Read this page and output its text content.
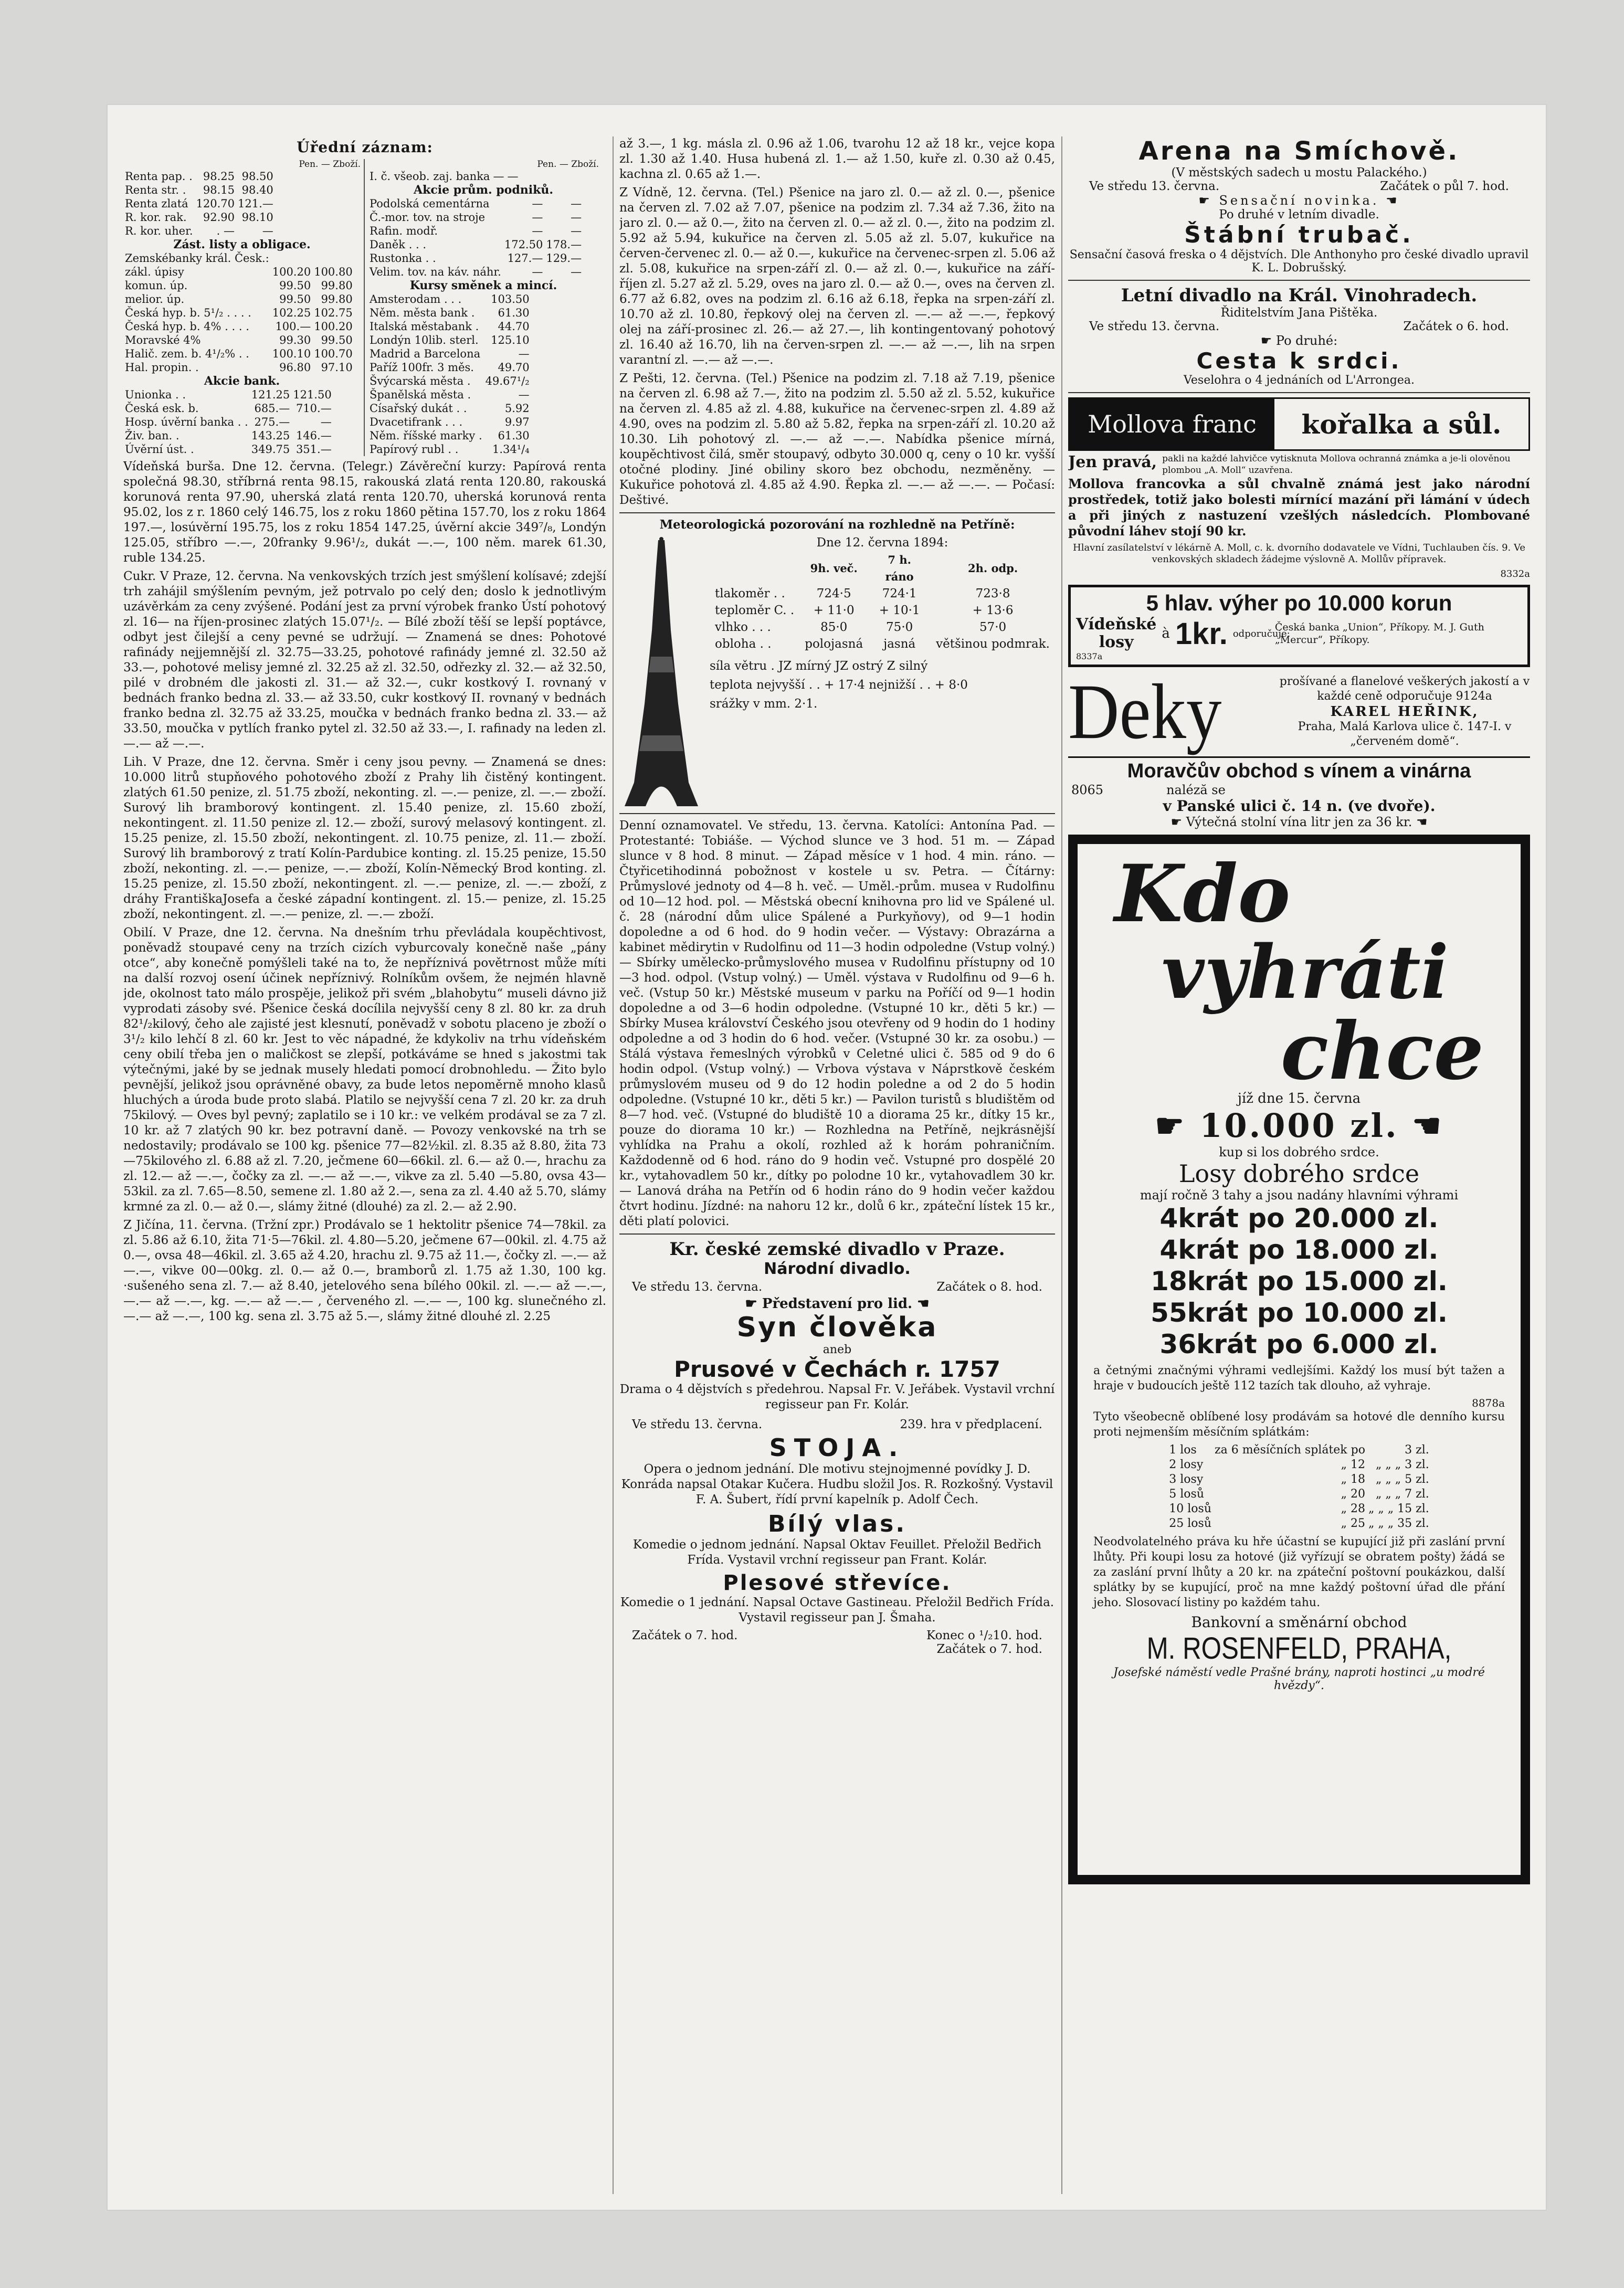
Úřední záznam:
Pen. — Zboží.
Renta pap. .	98.25	98.50
Renta str. .	98.15	98.40
Renta zlatá	120.70	121.—
R. kor. rak.	92.90	98.10
R. kor. uher.	. —	—
Zást. listy a obligace.
Zemskébanky král. Česk.:		
zákl. úpisy	100.20	100.80
komun. úp.	99.50	99.80
melior. úp.	99.50	99.80
Česká hyp. b. 5¹/₂ . . . .	102.25	102.75
Česká hyp. b. 4% . . . .	100.—	100.20
Moravské 4%	99.30	99.50
Halič. zem. b. 4¹/₂% . .	100.10	100.70
Hal. propin. .	96.80	97.10
Akcie bank.
Unionka . .	121.25	121.50
Česká esk. b.	685.—	710.—
Hosp. úvěrní banka . .	275.—	—
Živ. ban. .	143.25	146.—
Úvěrní úst. .	349.75	351.—
Pen. — Zboží.
I. č. všeob. zaj. banka	—	—
Akcie prům. podniků.
Podolská cementárna	—	—
Č.-mor. tov. na stroje	—	—
Rafin. modř.	—	—
Daněk . . .	172.50	178.—
Rustonka . .	127.—	129.—
Velim. tov. na káv. náhr.	—	—
Kursy směnek a mincí.
Amsterodam . . .	103.50
Něm. města bank .	61.30
Italská městabank .	44.70
Londýn 10lib. sterl.	125.10
Madrid a Barcelona	—
Paříž 100fr. 3 měs.	49.70
Švýcarská města .	49.67¹/₂
Španělská města .	—
Císařský dukát . .	5.92
Dvacetifrank . . .	9.97
Něm. říšské marky .	61.30
Papírový rubl . .	1.34¹/₄

Vídeňská burša. Dne 12. června. (Telegr.) Závěreční kurzy: Papírová renta společná 98.30, stříbrná renta 98.15, rakouská zlatá renta 120.80, rakouská korunová renta 97.90, uherská zlatá renta 120.70, uherská korunová renta 95.02, los z r. 1860 celý 146.75, los z roku 1860 pětina 157.70, los z roku 1864 197.—, losúvěrní 195.75, los z roku 1854 147.25, úvěrní akcie 349⁷/₈, Londýn 125.05, stříbro —.—, 20franky 9.96¹/₂, dukát —.—, 100 něm. marek 61.30, ruble 134.25.

Cukr. V Praze, 12. června. Na venkovských trzích jest smýšlení kolísavé; zdejší trh zahájil smýšlením pevným, jež potrvalo po celý den; doslo k jednotlivým uzávěrkám za ceny zvýšené. Podání jest za první výrobek franko Ústí pohotový zl. 16— na říjen-prosinec zlatých 15.07¹/₂. — Bílé zboží těší se lepší poptávce, odbyt jest čilejší a ceny pevné se udržují. — Znamená se dnes: Pohotové rafinády nejjemnější zl. 32.75—33.25, pohotové rafinády jemné zl. 32.50 až 33.—, pohotové melisy jemné zl. 32.25 až zl. 32.50, odřezky zl. 32.— až 32.50, pilé v drobném dle jakosti zl. 31.— až 32.—, cukr kostkový I. rovnaný v bednách franko bedna zl. 33.— až 33.50, cukr kostkový II. rovnaný v bednách franko bedna zl. 32.75 až 33.25, moučka v bednách franko bedna zl. 33.— až 33.50, moučka v pytlích franko pytel zl. 32.50 až 33.—, I. rafinady na leden zl. —.— až —.—.

Lih. V Praze, dne 12. června. Směr i ceny jsou pevny. — Znamená se dnes: 10.000 litrů stupňového pohotového zboží z Prahy lih čistěný kontingent. zlatých 61.50 penize, zl. 51.75 zboží, nekonting. zl. —.— penize, zl. —.— zboží. Surový lih bramborový kontingent. zl. 15.40 penize, zl. 15.60 zboží, nekontingent. zl. 11.50 penize zl. 12.— zboží, surový melasový kontingent. zl. 15.25 penize, zl. 15.50 zboží, nekontingent. zl. 10.75 penize, zl. 11.— zboží. Surový lih bramborový z tratí Kolín-Pardubice konting. zl. 15.25 penize, 15.50 zboží, nekonting. zl. —.— penize, —.— zboží, Kolín-Německý Brod konting. zl. 15.25 penize, zl. 15.50 zboží, nekontingent. zl. —.— penize, zl. —.— zboží, z dráhy FrantiškaJosefa a české západní kontingent. zl. 15.— penize, zl. 15.25 zboží, nekontingent. zl. —.— penize, zl. —.— zboží.

Obilí. V Praze, dne 12. června. Na dnešním trhu převládala koupěchtivost, poněvadž stoupavé ceny na trzích cizích vyburcovaly konečně naše „pány otce“, aby konečně pomýšleli také na to, že nepříznivá povětrnost může míti na další rozvoj osení účinek nepříznivý. Rolníkům ovšem, že nejmén hlavně jde, okolnost tato málo prospěje, jelikož při svém „blahobytu“ museli dávno již vyprodati zásoby své. Pšenice česká docílila nejvyšší ceny 8 zl. 80 kr. za druh 82¹/₂kilový, čeho ale zajisté jest klesnutí, poněvadž v sobotu placeno je zboží o 3¹/₂ kilo lehčí 8 zl. 60 kr. Jest to věc nápadné, že kdykoliv na trhu vídeňském ceny obilí třeba jen o maličkost se zlepší, potkáváme se hned s jakostmi tak výtečnými, jaké by se jednak musely hledati pomocí drobnohledu. — Žito bylo pevnější, jelikož jsou oprávněné obavy, za bude letos nepoměrně mnoho klasů hluchých a úroda bude proto slabá. Platilo se nejvyšší cena 7 zl. 20 kr. za druh 75kilový. — Oves byl pevný; zaplatilo se i 10 kr.: ve velkém prodával se za 7 zl. 10 kr. až 7 zlatých 90 kr. bez potravní daně. — Povozy venkovské na trh se nedostavily; prodávalo se 100 kg. pšenice 77—82½kil. zl. 8.35 až 8.80, žita 73—75kilového zl. 6.88 až zl. 7.20, ječmene 60—66kil. zl. 6.— až 0.—, hrachu za zl. 12.— až —.—, čočky za zl. —.— až —.—, vikve za zl. 5.40 —5.80, ovsa 43—53kil. za zl. 7.65—8.50, semene zl. 1.80 až 2.—, sena za zl. 4.40 až 5.70, slámy krmné za zl. 0.— až 0.—, slámy žitné (dlouhé) za zl. 2.— až 2.90.

Z Jičína, 11. června. (Tržní zpr.) Prodávalo se 1 hektolitr pšenice 74—78kil. za zl. 5.86 až 6.10, žita 71·5—76kil. zl. 4.80—5.20, ječmene 67—00kil. zl. 4.75 až 0.—, ovsa 48—46kil. zl. 3.65 až 4.20, hrachu zl. 9.75 až 11.—, čočky zl. —.— až —.—, vikve 00—00kg. zl. 0.— až 0.—, bramborů zl. 1.75 až 1.30, 100 kg. ·sušeného sena zl. 7.— až 8.40, jetelového sena bílého 00kil. zl. —.— až —.—, —.— až —.—, kg. —.— až —.— , červeného zl. —.— —, 100 kg. slunečného zl. —.— až —.—, 100 kg. sena zl. 3.75 až 5.—, slámy žitné dlouhé zl. 2.25

až 3.—, 1 kg. másla zl. 0.96 až 1.06, tvarohu 12 až 18 kr., vejce kopa zl. 1.30 až 1.40. Husa hubená zl. 1.— až 1.50, kuře zl. 0.30 až 0.45, kachna zl. 0.65 až 1.—.

Z Vídně, 12. června. (Tel.) Pšenice na jaro zl. 0.— až zl. 0.—, pšenice na červen zl. 7.02 až 7.07, pšenice na podzim zl. 7.34 až 7.36, žito na jaro zl. 0.— až 0.—, žito na červen zl. 0.— až zl. 0.—, žito na podzim zl. 5.92 až 5.94, kukuřice na červen zl. 5.05 až zl. 5.07, kukuřice na červen-červenec zl. 0.— až 0.—, kukuřice na červenec-srpen zl. 5.06 až zl. 5.08, kukuřice na srpen-září zl. 0.— až zl. 0.—, kukuřice na září-říjen zl. 5.27 až zl. 5.29, oves na jaro zl. 0.— až 0.—, oves na červen zl. 6.77 až 6.82, oves na podzim zl. 6.16 až 6.18, řepka na srpen-září zl. 10.70 až zl. 10.80, řepkový olej na červen zl. —.— až —.—, řepkový olej na září-prosinec zl. 26.— až 27.—, lih kontingentovaný pohotový zl. 16.40 až 16.70, lih na červen-srpen zl. —.— až —.—, lih na srpen varantní zl. —.— až —.—.

Z Pešti, 12. června. (Tel.) Pšenice na podzim zl. 7.18 až 7.19, pšenice na červen zl. 6.98 až 7.—, žito na podzim zl. 5.50 až zl. 5.52, kukuřice na červen zl. 4.85 až zl. 4.88, kukuřice na červenec-srpen zl. 4.89 až 4.90, oves na podzim zl. 5.80 až 5.82, řepka na srpen-září zl. 10.20 až 10.30. Lih pohotový zl. —.— až —.—. Nabídka pšenice mírná, koupěchtivost čilá, směr stoupavý, odbyto 30.000 q, ceny o 10 kr. vyšší otočné plodiny. Jiné obiliny skoro bez obchodu, nezměněny. — Kukuřice pohotová zl. 4.85 až 4.90. Řepka zl. —.— až —.—. — Počasí: Deštivé.

Meteorologická pozorování na rozhledně na Petříně:
Dne 12. června 1894:
	9h. več.	7 h. ráno	2h. odp.
tlakoměr . .	724·5	724·1	723·8
teploměr C. .	+ 11·0	+ 10·1	+ 13·6
vlhko . . .	85·0	75·0	57·0
obloha . .	polojasná	jasná	většinou podmrak.
síla větru . JZ mírný JZ ostrý Z silný
teplota nejvyšší . . + 17·4 nejnižší . . + 8·0
srážky v mm. 2·1.

Denní oznamovatel. Ve středu, 13. června. Katolíci: Antonína Pad. — Protestanté: Tobiáše. — Východ slunce ve 3 hod. 51 m. — Západ slunce v 8 hod. 8 minut. — Západ měsíce v 1 hod. 4 min. ráno. — Čtyřicetihodinná pobožnost v kostele u sv. Petra. — Čítárny: Průmyslové jednoty od 4—8 h. več. — Uměl.-prům. musea v Rudolfinu od 10—12 hod. pol. — Městská obecní knihovna pro lid ve Spálené ul. č. 28 (národní dům ulice Spálené a Purkyňovy), od 9—1 hodin dopoledne a od 6 hod. do 9 hodin večer. — Výstavy: Obrazárna a kabinet mědirytin v Rudolfinu od 11—3 hodin odpoledne (Vstup volný.) — Sbírky umělecko-průmyslového musea v Rudolfinu přístupny od 10—3 hod. odpol. (Vstup volný.) — Uměl. výstava v Rudolfinu od 9—6 h. več. (Vstup 50 kr.) Městské museum v parku na Poříčí od 9—1 hodin dopoledne a od 3—6 hodin odpoledne. (Vstupné 10 kr., děti 5 kr.) — Sbírky Musea království Českého jsou otevřeny od 9 hodin do 1 hodiny odpoledne a od 3 hodin do 6 hod. večer. (Vstupné 30 kr. za osobu.) — Stálá výstava řemeslných výrobků v Celetné ulici č. 585 od 9 do 6 hodin odpol. (Vstup volný.) — Vrbova výstava v Náprstkově českém průmyslovém museu od 9 do 12 hodin poledne a od 2 do 5 hodin odpoledne. (Vstupné 10 kr., děti 5 kr.) — Pavilon turistů s bludištěm od 8—7 hod. več. (Vstupné do bludiště 10 a diorama 25 kr., dítky 15 kr., pouze do diorama 10 kr.) — Rozhledna na Petříně, nejkrásnější vyhlídka na Prahu a okolí, rozhled až k horám pohraničním. Každodenně od 6 hod. ráno do 9 hodin več. Vstupné pro dospělé 20 kr., vytahovadlem 50 kr., dítky po polodne 10 kr., vytahovadlem 30 kr. — Lanová dráha na Petřín od 6 hodin ráno do 9 hodin večer každou čtvrt hodinu. Jízdné: na nahoru 12 kr., dolů 6 kr., zpáteční lístek 15 kr., děti platí polovici.

Kr. české zemské divadlo v Praze.
Národní divadlo.
Ve středu 13. června.	Začátek o 8. hod.
☛ Představení pro lid. ☚
Syn člověka
aneb
Prusové v Čechách r. 1757

Drama o 4 dějstvích s předehrou. Napsal Fr. V. Jeřábek. Vystavil vrchní regisseur pan Fr. Kolár.

Ve středu 13. června.	239. hra v předplacení.
STOJA.

Opera o jednom jednání. Dle motivu stejnojmenné povídky J. D. Konráda napsal Otakar Kučera. Hudbu složil Jos. R. Rozkošný. Vystavil F. A. Šubert, řídí první kapelník p. Adolf Čech.

Bílý vlas.

Komedie o jednom jednání. Napsal Oktav Feuillet. Přeložil Bedřich Frída. Vystavil vrchní regisseur pan Frant. Kolár.

Plesové střevíce.

Komedie o 1 jednání. Napsal Octave Gastineau. Přeložil Bedřich Frída. Vystavil regisseur pan J. Šmaha.

Začátek o 7. hod.	Konec o ¹/₂10. hod.
Začátek o 7. hod.
Arena na Smíchově.
(V městských sadech u mostu Palackého.)
Ve středu 13. června.	Začátek o půl 7. hod.
☛ Sensační novinka. ☚
Po druhé v letním divadle.
Štábní trubač.
Sensační časová freska o 4 dějstvích. Dle Anthonyho pro české divadlo upravil K. L. Dobrušský.
Letní divadlo na Král. Vinohradech.
Řiditelstvím Jana Pištěka.
Ve středu 13. června.	Začátek o 6. hod.
☛ Po druhé:
Cesta k srdci.
Veselohra o 4 jednáních od L'Arrongea.
Mollova franc	kořalka a sůl.
Jen pravá, pakli na každé lahvičce vytisknuta Mollova ochranná známka a je-li olověnou plombou „A. Moll“ uzavřena.

Mollova francovka a sůl chvalně známá jest jako národní prostředek, totiž jako bolesti mírnící mazání při lámání v údech a při jiných z nastuzení vzešlých následcích. Plombované původní láhev stojí 90 kr.

Hlavní zasílatelství v lékárně A. Moll, c. k. dvorního dodavatele ve Vídni, Tuchlauben čís. 9. Ve venkovských skladech žádejme výslovně A. Mollův přípravek.

8332a
5 hlav. výher po 10.000 korun
Vídeňské
losy	à 1kr. odporučuje:
Česká banka „Union“, Příkopy. M. J. Guth „Mercur“, Příkopy.
8337a
Deky	prošívané a flanelové veškerých jakostí a v každé ceně odporučuje 9124a
KAREL HEŘINK,
Praha, Malá Karlova ulice č. 147-I. v „červeném domě“.
Moravčův obchod s vínem a vinárna
8065	naléză se
v Panské ulici č. 14 n. (ve dvoře).
☛ Výtečná stolní vína litr jen za 36 kr. ☚
Kdo
vyhráti
chce
jíž dne 15. června
☛ 10.000 zl. ☚
kup si los dobrého srdce.
Losy dobrého srdce
mají ročně 3 tahy a jsou nadány hlavními výhrami
4krát po 20.000 zl.
4krát po 18.000 zl.
18krát po 15.000 zl.
55krát po 10.000 zl.
36krát po 6.000 zl.

a četnými značnými výhrami vedlejšími. Každý los musí být tažen a hraje v budoucích ještě 112 tazích tak dlouho, až vyhraje.

8878a

Tyto všeobecně oblíbené losy prodávám sa hotové dle denního kursu proti nejmenším měsíčním splátkám:

1 los	za 6 měsíčních splátek po	3 zl.
2 losy	„ 12	„ „ „ 3 zl.
3 losy	„ 18	„ „ „ 5 zl.
5 losů	„ 20	„ „ „ 7 zl.
10 losů	„ 28	„ „ „ 15 zl.
25 losů	„ 25	„ „ „ 35 zl.

Neodvolatelného práva ku hře účastní se kupující již při zaslání první lhůty. Při koupi losu za hotové (již vyřízují se obratem pošty) žádá se za zaslání první lhůty a 20 kr. na zpáteční poštovní poukázkou, další splátky by se kupující, proč na mne každý poštovní úřad dle přání jeho. Slosovací listiny po každém tahu.

Bankovní a směnární obchod
M. ROSENFELD, PRAHA,
Josefské náměstí vedle Prašné brány, naproti hostinci „u modré hvězdy“.
